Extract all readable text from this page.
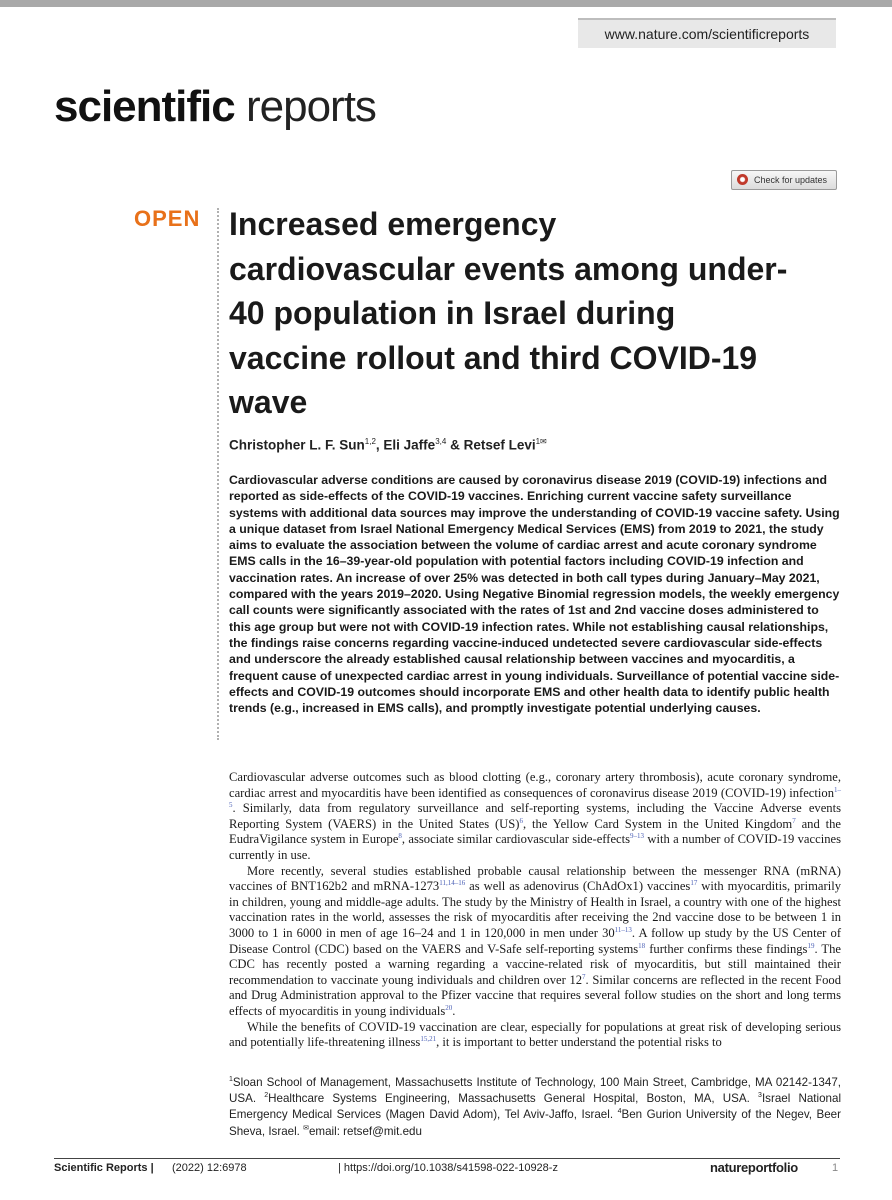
www.nature.com/scientificreports
scientific reports
Check for updates
OPEN Increased emergency cardiovascular events among under-40 population in Israel during vaccine rollout and third COVID-19 wave
Christopher L. F. Sun$^{1,2}$, Eli Jaffe$^{3,4}$ & Retsef Levi$^{1✉}$

Cardiovascular adverse conditions are caused by coronavirus disease 2019 (COVID-19) infections and reported as side-effects of the COVID-19 vaccines. Enriching current vaccine safety surveillance systems with additional data sources may improve the understanding of COVID-19 vaccine safety. Using a unique dataset from Israel National Emergency Medical Services (EMS) from 2019 to 2021, the study aims to evaluate the association between the volume of cardiac arrest and acute coronary syndrome EMS calls in the 16–39-year-old population with potential factors including COVID-19 infection and vaccination rates. An increase of over 25% was detected in both call types during January–May 2021, compared with the years 2019–2020. Using Negative Binomial regression models, the weekly emergency call counts were significantly associated with the rates of 1st and 2nd vaccine doses administered to this age group but were not with COVID-19 infection rates. While not establishing causal relationships, the findings raise concerns regarding vaccine-induced undetected severe cardiovascular side-effects and underscore the already established causal relationship between vaccines and myocarditis, a frequent cause of unexpected cardiac arrest in young individuals. Surveillance of potential vaccine side-effects and COVID-19 outcomes should incorporate EMS and other health data to identify public health trends (e.g., increased in EMS calls), and promptly investigate potential underlying causes.

Cardiovascular adverse outcomes such as blood clotting (e.g., coronary artery thrombosis), acute coronary syndrome, cardiac arrest and myocarditis have been identified as consequences of coronavirus disease 2019 (COVID-19) infection$^{1-5}$. Similarly, data from regulatory surveillance and self-reporting systems, including the Vaccine Adverse events Reporting System (VAERS) in the United States (US)$^6$, the Yellow Card System in the United Kingdom$^7$ and the EudraVigilance system in Europe$^8$, associate similar cardiovascular side-effects$^{9-13}$ with a number of COVID-19 vaccines currently in use.

More recently, several studies established probable causal relationship between the messenger RNA (mRNA) vaccines of BNT162b2 and mRNA-1273$^{11,14-16}$ as well as adenovirus (ChAdOx1) vaccines$^{17}$ with myocarditis, primarily in children, young and middle-age adults. The study by the Ministry of Health in Israel, a country with one of the highest vaccination rates in the world, assesses the risk of myocarditis after receiving the 2nd vaccine dose to be between 1 in 3000 to 1 in 6000 in men of age 16–24 and 1 in 120,000 in men under 30$^{11-13}$. A follow up study by the US Center of Disease Control (CDC) based on the VAERS and V-Safe self-reporting systems$^{18}$ further confirms these findings$^{19}$. The CDC has recently posted a warning regarding a vaccine-related risk of myocarditis, but still maintained their recommendation to vaccinate young individuals and children over $12^7$. Similar concerns are reflected in the recent Food and Drug Administration approval to the Pfizer vaccine that requires several follow studies on the short and long terms effects of myocarditis in young individuals$^{20}$.

While the benefits of COVID-19 vaccination are clear, especially for populations at great risk of developing serious and potentially life-threatening illness$^{15,21}$, it is important to better understand the potential risks to

$^1$Sloan School of Management, Massachusetts Institute of Technology, 100 Main Street, Cambridge, MA 02142-1347, USA. $^2$Healthcare Systems Engineering, Massachusetts General Hospital, Boston, MA, USA. $^3$Israel National Emergency Medical Services (Magen David Adom), Tel Aviv-Jaffo, Israel. $^4$Ben Gurion University of the Negev, Beer Sheva, Israel. ✉email: retsef@mit.edu

Scientific Reports | (2022) 12:6978	| https://doi.org/10.1038/s41598-022-10928-z	natureportfolio	1
